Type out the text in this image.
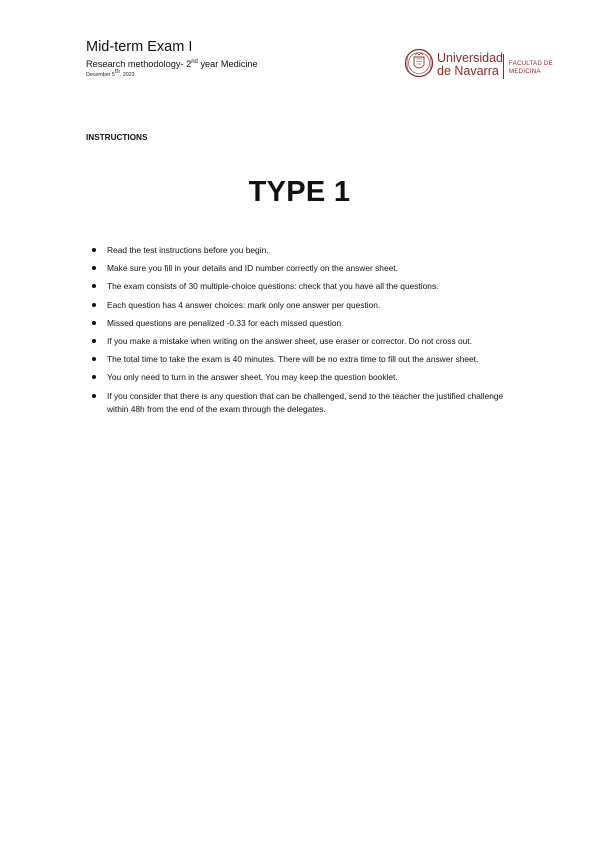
Mid-term Exam I
Research methodology- 2nd year Medicine
December 5th, 2023
Universidad
de Navarra
FACULTAD DE
MEDICINA
INSTRUCTIONS
TYPE 1
Read the test instructions before you begin.
Make sure you fill in your details and ID number correctly on the answer sheet.
The exam consists of 30 multiple-choice questions: check that you have all the questions.
Each question has 4 answer choices: mark only one answer per question.
Missed questions are penalized -0.33 for each missed question.
If you make a mistake when writing on the answer sheet, use eraser or corrector. Do not cross out.
The total time to take the exam is 40 minutes. There will be no extra time to fill out the answer sheet.
You only need to turn in the answer sheet. You may keep the question booklet.
If you consider that there is any question that can be challenged, send to the teacher the justified challenge within 48h from the end of the exam through the delegates.
